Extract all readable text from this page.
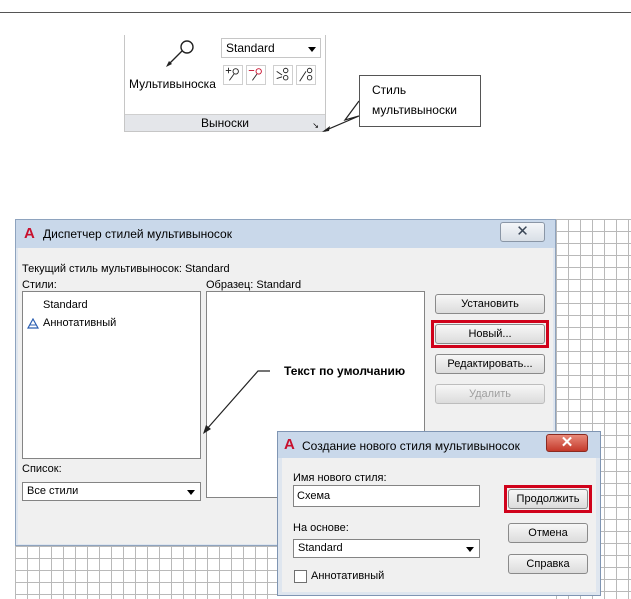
Мультивыноска
Standard
Выноски	↘
Стиль
мультивыноски
A Диспетчер стилей мультивыносок	✕
Текущий стиль мультивыносок: Standard
Стили:
Standard
Аннотативный
Список:
Все стили
Образец: Standard
Установить
Новый...
Редактировать...
Удалить
Текст по умолчанию
A Создание нового стиля мультивыносок	✕
Имя нового стиля:
Схема
На основе:
Standard
Аннотативный
Продолжить
Отмена
Справка
